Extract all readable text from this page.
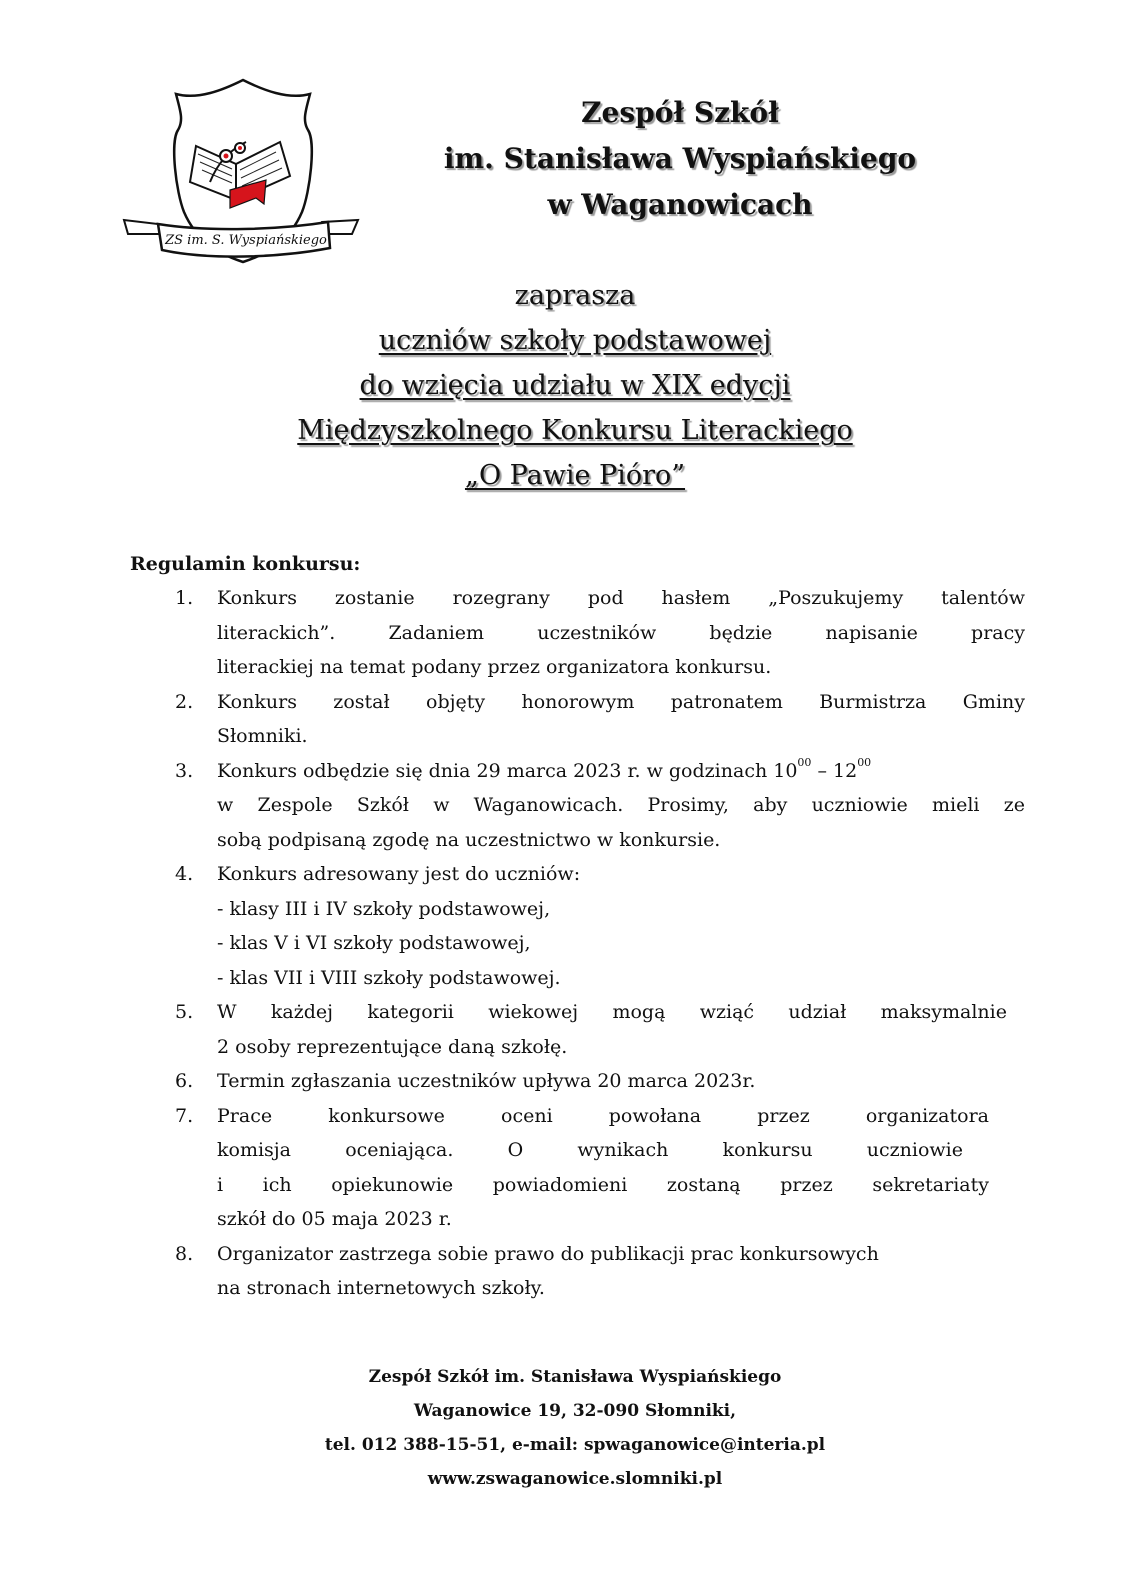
ZS im. S. Wyspiańskiego
Zespół Szkół
im. Stanisława Wyspiańskiego
w Waganowicach
zaprasza
uczniów szkoły podstawowej
do wzięcia udziału w XIX edycji
Międzyszkolnego Konkursu Literackiego
„O Pawie Pióro”
Regulamin konkursu:
1.	Konkurs zostanie rozegrany pod hasłem „Poszukujemy talentów
literackich”. Zadaniem uczestników będzie napisanie pracy
literackiej na temat podany przez organizatora konkursu.
2.	Konkurs został objęty honorowym patronatem Burmistrza Gminy
Słomniki.
3.	Konkurs odbędzie się dnia 29 marca 2023 r. w godzinach $10^{00} - 12^{00}$
w Zespole Szkół w Waganowicach. Prosimy, aby uczniowie mieli ze
sobą podpisaną zgodę na uczestnictwo w konkursie.
4.	Konkurs adresowany jest do uczniów:
- klasy III i IV szkoły podstawowej,
- klas V i VI szkoły podstawowej,
- klas VII i VIII szkoły podstawowej.
5.	W każdej kategorii wiekowej mogą wziąć udział maksymalnie
2 osoby reprezentujące daną szkołę.
6.	Termin zgłaszania uczestników upływa 20 marca 2023r.
7.	Prace konkursowe oceni powołana przez organizatora
komisja oceniająca. O wynikach konkursu uczniowie
i ich opiekunowie powiadomieni zostaną przez sekretariaty
szkół do 05 maja 2023 r.
8.	Organizator zastrzega sobie prawo do publikacji prac konkursowych
na stronach internetowych szkoły.
Zespół Szkół im. Stanisława Wyspiańskiego
Waganowice 19, 32-090 Słomniki,
tel. 012 388-15-51, e-mail: spwaganowice@interia.pl
www.zswaganowice.slomniki.pl
